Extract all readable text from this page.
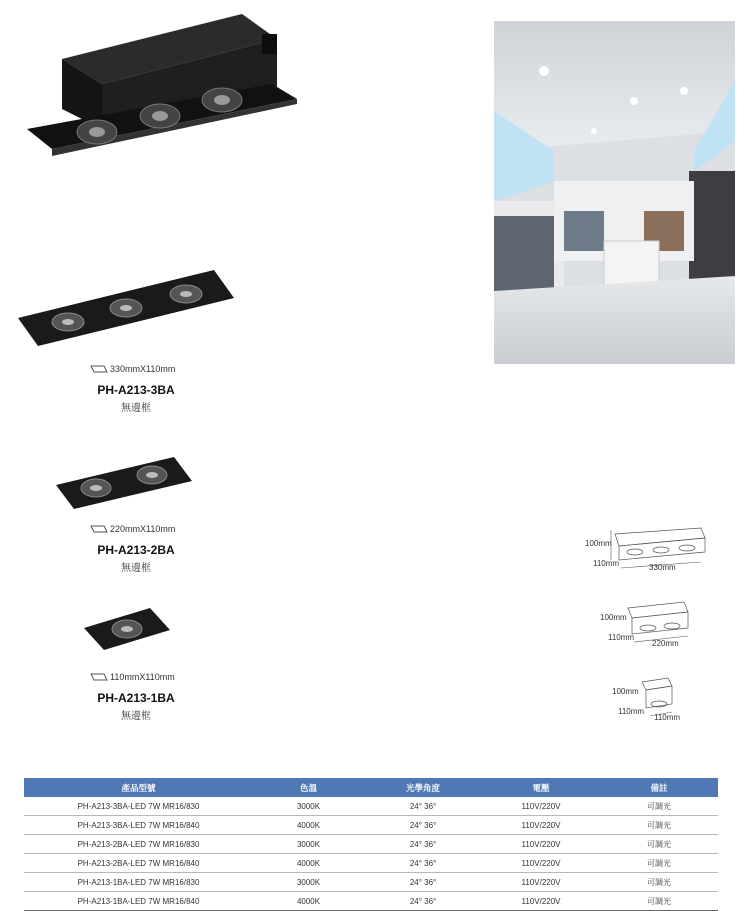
330mmX110mm
PH-A213-3BA
無邊框
220mmX110mm
PH-A213-2BA
無邊框
110mmX110mm
PH-A213-1BA
無邊框
100mm
110mm	330mm
100mm
110mm
220mm
100mm
110mm
110mm
產品型號	色溫	光學角度	電壓	備註
PH-A213-3BA-LED 7W MR16/830	3000K	24° 36°	110V/220V	可調光
PH-A213-3BA-LED 7W MR16/840	4000K	24° 36°	110V/220V	可調光
PH-A213-2BA-LED 7W MR16/830	3000K	24° 36°	110V/220V	可調光
PH-A213-2BA-LED 7W MR16/840	4000K	24° 36°	110V/220V	可調光
PH-A213-1BA-LED 7W MR16/830	3000K	24° 36°	110V/220V	可調光
PH-A213-1BA-LED 7W MR16/840	4000K	24° 36°	110V/220V	可調光
